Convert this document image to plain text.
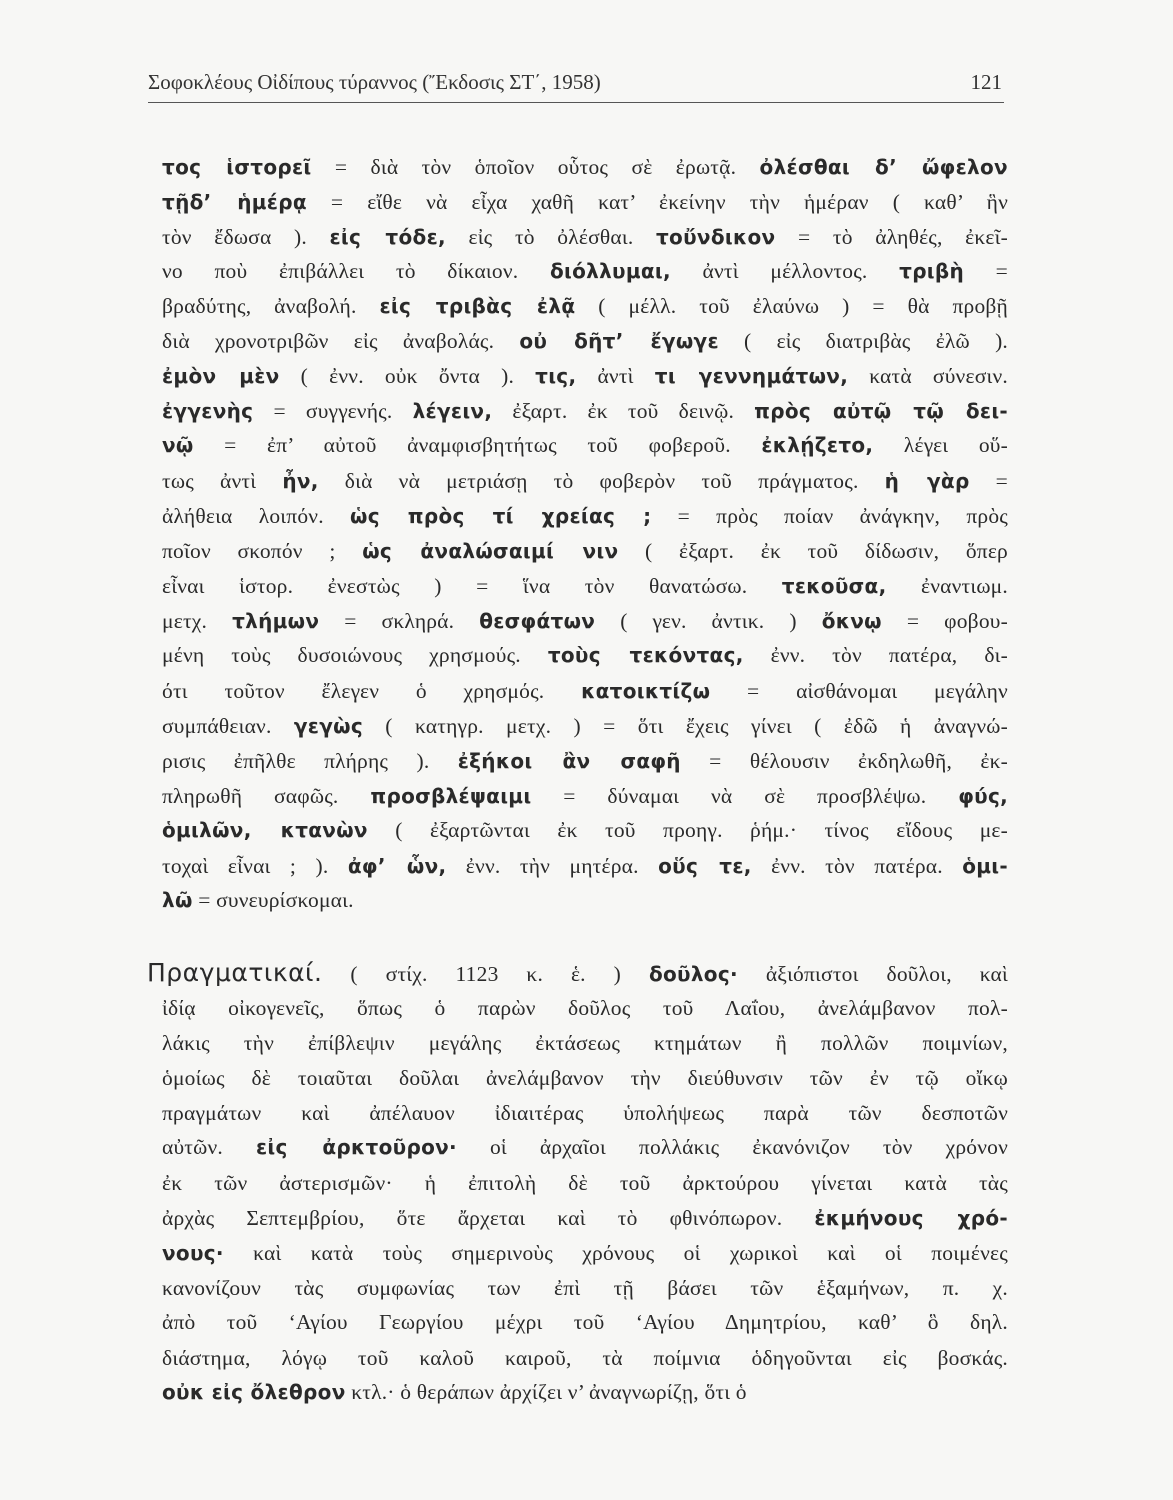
Σοφοκλέους Οἰδίπους τύραννος (Ἔκδοσις ΣΤ΄, 1958)	121
τος ἱστορεῖ = διὰ τὸν ὁποῖον οὗτος σὲ ἐρωτᾷ. ὀλέσθαι δ’ ὤφελον
τῇδ’ ἡμέρᾳ = εἴθε νὰ εἶχα χαθῆ κατ’ ἐκείνην τὴν ἡμέραν ( καθ’ ἣν
τὸν ἔδωσα ). εἰς τόδε, εἰς τὸ ὀλέσθαι. τοὔνδικον = τὸ ἀληθές, ἐκεῖ-
νο ποὺ ἐπιβάλλει τὸ δίκαιον. διόλλυμαι, ἀντὶ μέλλοντος. τριβὴ =
βραδύτης, ἀναβολή. εἰς τριβὰς ἐλᾷ ( μέλλ. τοῦ ἐλαύνω ) = θὰ προβῇ
διὰ χρονοτριβῶν εἰς ἀναβολάς. οὐ δῆτ’ ἔγωγε ( εἰς διατριβὰς ἐλῶ ).
ἐμὸν μὲν ( ἐνν. οὐκ ὄντα ). τις, ἀντὶ τι γεννημάτων, κατὰ σύνεσιν.
ἐγγενὴς = συγγενής. λέγειν, ἐξαρτ. ἐκ τοῦ δεινῷ. πρὸς αὐτῷ τῷ δει-
νῷ = ἐπ’ αὐτοῦ ἀναμφισβητήτως τοῦ φοβεροῦ. ἐκλῄζετο, λέγει οὕ-
τως ἀντὶ ἦν, διὰ νὰ μετριάσῃ τὸ φοβερὸν τοῦ πράγματος. ἡ γὰρ =
ἀλήθεια λοιπόν. ὡς πρὸς τί χρείας ; = πρὸς ποίαν ἀνάγκην, πρὸς
ποῖον σκοπόν ; ὡς ἀναλώσαιμί νιν ( ἐξαρτ. ἐκ τοῦ δίδωσιν, ὅπερ
εἶναι ἱστορ. ἐνεστὼς ) = ἵνα τὸν θανατώσω. τεκοῦσα, ἐναντιωμ.
μετχ. τλήμων = σκληρά. θεσφάτων ( γεν. ἀντικ. ) ὄκνῳ = φοβου-
μένη τοὺς δυσοιώνους χρησμούς. τοὺς τεκόντας, ἐνν. τὸν πατέρα, δι-
ότι τοῦτον ἔλεγεν ὁ χρησμός. κατοικτίζω = αἰσθάνομαι μεγάλην
συμπάθειαν. γεγὼς ( κατηγρ. μετχ. ) = ὅτι ἔχεις γίνει ( ἐδῶ ἡ ἀναγνώ-
ρισις ἐπῆλθε πλήρης ). ἐξήκοι ἂν σαφῆ = θέλουσιν ἐκδηλωθῆ, ἐκ-
πληρωθῆ σαφῶς. προσβλέψαιμι = δύναμαι νὰ σὲ προσβλέψω. φύς,
ὁμιλῶν, κτανὼν ( ἐξαρτῶνται ἐκ τοῦ προηγ. ῥήμ.· τίνος εἴδους με-
τοχαὶ εἶναι ; ). ἀφ’ ὧν, ἐνν. τὴν μητέρα. οὕς τε, ἐνν. τὸν πατέρα. ὁμι-
λῶ = συνευρίσκομαι.
Πραγματικαί. ( στίχ. 1123 κ. ἑ. ) δοῦλος· ἀξιόπιστοι δοῦλοι, καὶ
ἰδίᾳ οἰκογενεῖς, ὅπως ὁ παρὼν δοῦλος τοῦ Λαΐου, ἀνελάμβανον πολ-
λάκις τὴν ἐπίβλεψιν μεγάλης ἐκτάσεως κτημάτων ἢ πολλῶν ποιμνίων,
ὁμοίως δὲ τοιαῦται δοῦλαι ἀνελάμβανον τὴν διεύθυνσιν τῶν ἐν τῷ οἴκῳ
πραγμάτων καὶ ἀπέλαυον ἰδιαιτέρας ὑπολήψεως παρὰ τῶν δεσποτῶν
αὐτῶν. εἰς ἀρκτοῦρον· οἱ ἀρχαῖοι πολλάκις ἐκανόνιζον τὸν χρόνον
ἐκ τῶν ἀστερισμῶν· ἡ ἐπιτολὴ δὲ τοῦ ἀρκτούρου γίνεται κατὰ τὰς
ἀρχὰς Σεπτεμβρίου, ὅτε ἄρχεται καὶ τὸ φθινόπωρον. ἐκμήνους χρό-
νους· καὶ κατὰ τοὺς σημερινοὺς χρόνους οἱ χωρικοὶ καὶ οἱ ποιμένες
κανονίζουν τὰς συμφωνίας των ἐπὶ τῇ βάσει τῶν ἑξαμήνων, π. χ.
ἀπὸ τοῦ ‘Αγίου Γεωργίου μέχρι τοῦ ‘Αγίου Δημητρίου, καθ’ ὃ δηλ.
διάστημα, λόγῳ τοῦ καλοῦ καιροῦ, τὰ ποίμνια ὁδηγοῦνται εἰς βοσκάς.
οὐκ εἰς ὄλεθρον κτλ.· ὁ θεράπων ἀρχίζει ν’ ἀναγνωρίζῃ, ὅτι ὁ
